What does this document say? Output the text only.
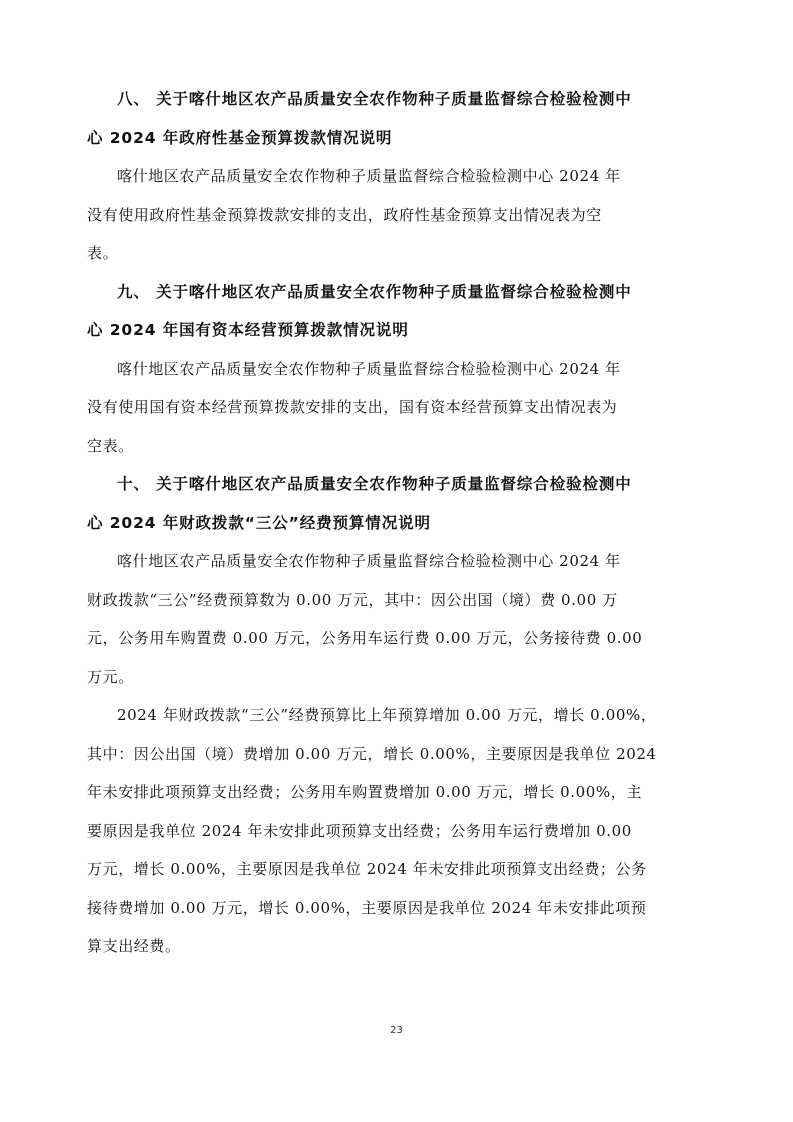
八、 关于喀什地区农产品质量安全农作物种子质量监督综合检验检测中
心 2024 年政府性基金预算拨款情况说明
喀什地区农产品质量安全农作物种子质量监督综合检验检测中心 2024 年
没有使用政府性基金预算拨款安排的支出，政府性基金预算支出情况表为空
表。
九、 关于喀什地区农产品质量安全农作物种子质量监督综合检验检测中
心 2024 年国有资本经营预算拨款情况说明
喀什地区农产品质量安全农作物种子质量监督综合检验检测中心 2024 年
没有使用国有资本经营预算拨款安排的支出，国有资本经营预算支出情况表为
空表。
十、 关于喀什地区农产品质量安全农作物种子质量监督综合检验检测中
心 2024 年财政拨款“三公”经费预算情况说明
喀什地区农产品质量安全农作物种子质量监督综合检验检测中心 2024 年
财政拨款“三公”经费预算数为 0.00 万元，其中：因公出国（境）费 0.00 万
元，公务用车购置费 0.00 万元，公务用车运行费 0.00 万元，公务接待费 0.00
万元。
2024 年财政拨款“三公”经费预算比上年预算增加 0.00 万元，增长 0.00%，
其中：因公出国（境）费增加 0.00 万元，增长 0.00%，主要原因是我单位 2024
年未安排此项预算支出经费；公务用车购置费增加 0.00 万元，增长 0.00%，主
要原因是我单位 2024 年未安排此项预算支出经费；公务用车运行费增加 0.00
万元，增长 0.00%，主要原因是我单位 2024 年未安排此项预算支出经费；公务
接待费增加 0.00 万元，增长 0.00%，主要原因是我单位 2024 年未安排此项预
算支出经费。
23
